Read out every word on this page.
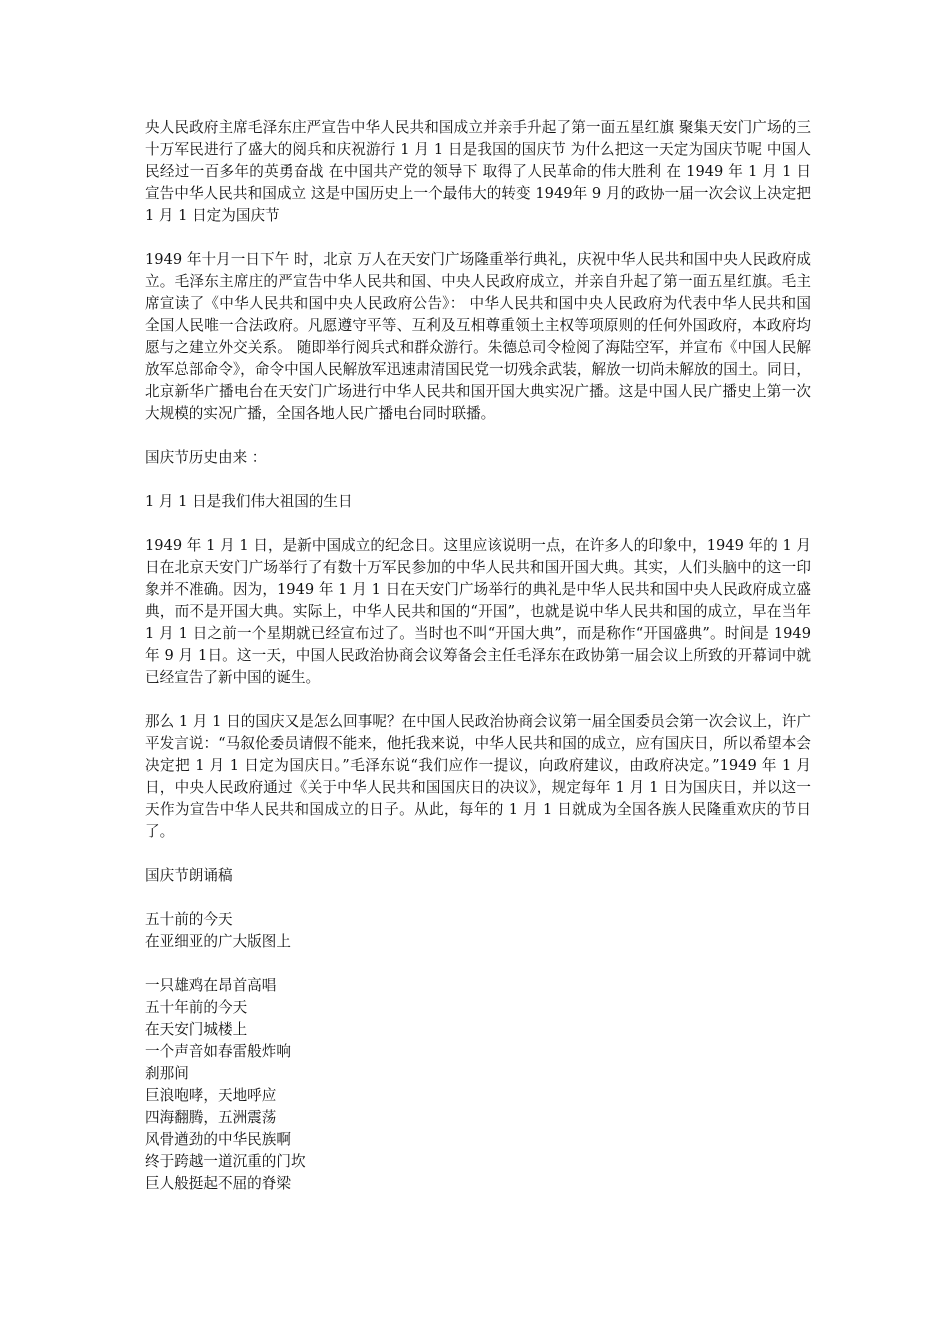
央人民政府主席毛泽东庄严宣告中华人民共和国成立并亲手升起了第一面五星红旗 聚集天安门广场的三十万军民进行了盛大的阅兵和庆祝游行 1 月 1 日是我国的国庆节 为什么把这一天定为国庆节呢 中国人民经过一百多年的英勇奋战 在中国共产党的领导下 取得了人民革命的伟大胜利 在 1949 年 1 月 1 日宣告中华人民共和国成立 这是中国历史上一个最伟大的转变 1949年 9 月的政协一届一次会议上决定把 1 月 1 日定为国庆节
1949 年十月一日下午 时，北京 万人在天安门广场隆重举行典礼，庆祝中华人民共和国中央人民政府成立。毛泽东主席庄的严宣告中华人民共和国、中央人民政府成立，并亲自升起了第一面五星红旗。毛主席宣读了《中华人民共和国中央人民政府公告》： 中华人民共和国中央人民政府为代表中华人民共和国全国人民唯一合法政府。凡愿遵守平等、互利及互相尊重领土主权等项原则的任何外国政府，本政府均愿与之建立外交关系。 随即举行阅兵式和群众游行。朱德总司令检阅了海陆空军，并宣布《中国人民解放军总部命令》，命令中国人民解放军迅速肃清国民党一切残余武装，解放一切尚未解放的国土。同日，北京新华广播电台在天安门广场进行中华人民共和国开国大典实况广播。这是中国人民广播史上第一次大规模的实况广播，全国各地人民广播电台同时联播。
国庆节历史由来 ：
1 月 1 日是我们伟大祖国的生日
1949 年 1 月 1 日，是新中国成立的纪念日。这里应该说明一点，在许多人的印象中，1949 年的 1 月 日在北京天安门广场举行了有数十万军民参加的中华人民共和国开国大典。其实，人们头脑中的这一印象并不准确。因为，1949 年 1 月 1 日在天安门广场举行的典礼是中华人民共和国中央人民政府成立盛典，而不是开国大典。实际上，中华人民共和国的“开国”，也就是说中华人民共和国的成立，早在当年 1 月 1 日之前一个星期就已经宣布过了。当时也不叫“开国大典”，而是称作“开国盛典”。时间是 1949 年 9 月 1日。这一天，中国人民政治协商会议筹备会主任毛泽东在政协第一届会议上所致的开幕词中就已经宣告了新中国的诞生。
那么 1 月 1 日的国庆又是怎么回事呢？在中国人民政治协商会议第一届全国委员会第一次会议上，许广平发言说：“马叙伦委员请假不能来，他托我来说，中华人民共和国的成立，应有国庆日，所以希望本会决定把 1 月 1 日定为国庆日。”毛泽东说“我们应作一提议，向政府建议，由政府决定。”1949 年 1 月 日，中央人民政府通过《关于中华人民共和国国庆日的决议》，规定每年 1 月 1 日为国庆日，并以这一天作为宣告中华人民共和国成立的日子。从此，每年的 1 月 1 日就成为全国各族人民隆重欢庆的节日了。
国庆节朗诵稿
五十前的今天
在亚细亚的广大版图上
一只雄鸡在昂首高唱
五十年前的今天
在天安门城楼上
一个声音如春雷般炸响
刹那间
巨浪咆哮，天地呼应
四海翻腾，五洲震荡
风骨遒劲的中华民族啊
终于跨越一道沉重的门坎
巨人般挺起不屈的脊梁
